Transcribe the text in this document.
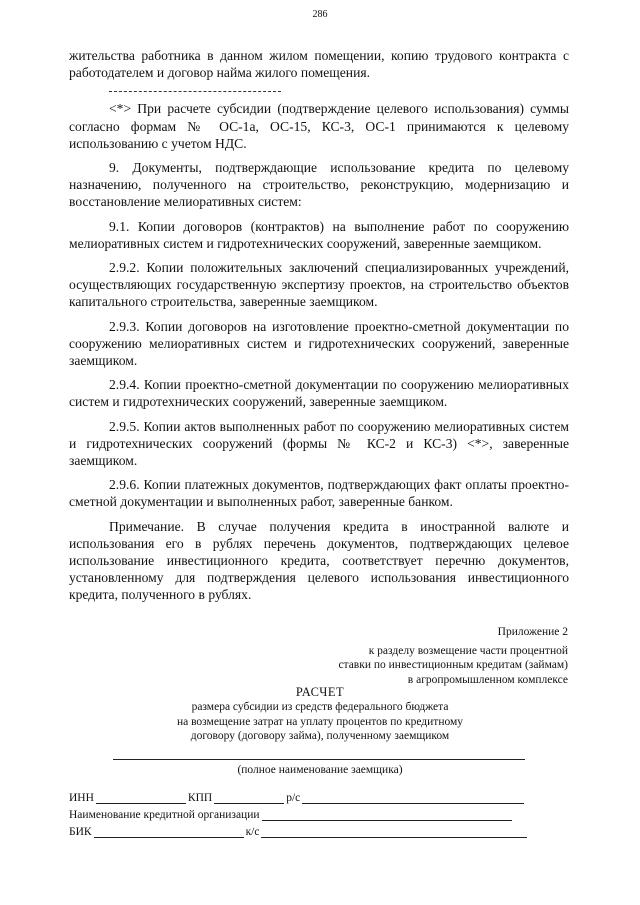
286

жительства работника в данном жилом помещении, копию трудового контракта с работодателем и договор найма жилого помещения.

<*> При расчете субсидии (подтверждение целевого использования) суммы согласно формам № ОС-1а, ОС-15, КС-3, ОС-1 принимаются к целевому использованию с учетом НДС.

9. Документы, подтверждающие использование кредита по целевому назначению, полученного на строительство, реконструкцию, модернизацию и восстановление мелиоративных систем:

9.1. Копии договоров (контрактов) на выполнение работ по сооружению мелиоративных систем и гидротехнических сооружений, заверенные заемщиком.

2.9.2. Копии положительных заключений специализированных учреждений, осуществляющих государственную экспертизу проектов, на строительство объектов капитального строительства, заверенные заемщиком.

2.9.3. Копии договоров на изготовление проектно-сметной документации по сооружению мелиоративных систем и гидротехнических сооружений, заверенные заемщиком.

2.9.4. Копии проектно-сметной документации по сооружению мелиоративных систем и гидротехнических сооружений, заверенные заемщиком.

2.9.5. Копии актов выполненных работ по сооружению мелиоративных систем и гидротехнических сооружений (формы № КС-2 и КС-3) <*>, заверенные заемщиком.

2.9.6. Копии платежных документов, подтверждающих факт оплаты проектно-сметной документации и выполненных работ, заверенные банком.

Примечание. В случае получения кредита в иностранной валюте и использования его в рублях перечень документов, подтверждающих целевое использование инвестиционного кредита, соответствует перечню документов, установленному для подтверждения целевого использования инвестиционного кредита, полученного в рублях.

Приложение 2
к разделу возмещение части процентной
ставки по инвестиционным кредитам (займам)
в агропромышленном комплексе
РАСЧЕТ
размера субсидии из средств федерального бюджета
на возмещение затрат на уплату процентов по кредитному
договору (договору займа), полученному заемщиком
(полное наименование заемщика)
ИНН	КПП	р/с
Наименование кредитной организации
БИК	к/с
